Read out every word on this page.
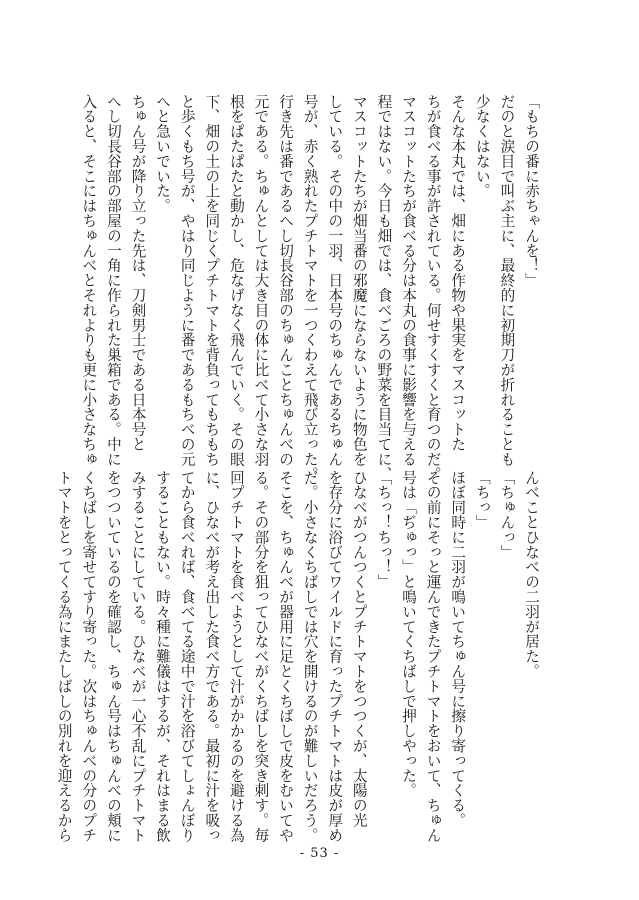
「もちの番に赤ちゃんを！」
だのと涙目で叫ぶ主に、最終的に初期刀が折れることも
少なくはない。
そんな本丸では、畑にある作物や果実をマスコットた
ちが食べる事が許されている。何せすくすくと育つのだ。
マスコットたちが食べる分は本丸の食事に影響を与える
程ではない。今日も畑では、食べごろの野菜を目当てに、
マスコットたちが畑当番の邪魔にならないように物色を
している。その中の一羽、日本号のちゅんであるちゅん
号が、赤く熟れたプチトマトを一つくわえて飛び立った。
行き先は番であるへし切長谷部のちゅんことちゅんべの
元である。ちゅんとしては大き目の体に比べて小さな羽
根をぱたぱたと動かし、危なげなく飛んでいく。その眼
下、畑の土の上を同じくプチトマトを背負ってもちもち
と歩くもち号が、やはり同じように番であるもちべの元
へと急いでいた。
ちゅん号が降り立った先は、刀剣男士である日本号と
へし切長谷部の部屋の一角に作られた巣箱である。中に
入ると、そこにはちゅんべとそれよりも更に小さなちゅ
んべことひなべの二羽が居た。
「ちゅんっ」
「ちっ」
ほぼ同時に二羽が鳴いてちゅん号に擦り寄ってくる。
その前にそっと運んできたプチトマトをおいて、ちゅん
号は「ぢゅっ」と鳴いてくちばしで押しやった。
「ちっ！ちっ！」
ひなべがつんつくとプチトマトをつつくが、太陽の光
を存分に浴びてワイルドに育ったプチトマトは皮が厚め
だ。小さなくちばしでは穴を開けるのが難しいだろう。
そこを、ちゅんべが器用に足とくちばしで皮をむいてや
る。その部分を狙ってひなべがくちばしを突き刺す。毎
回プチトマトを食べようとして汁がかかるのを避ける為
に、ひなべが考え出した食べ方である。最初に汁を吸っ
てから食べれば、食べてる途中で汁を浴びてしょんぼり
することもない。時々種に難儀はするが、それはまる飲
みすることにしている。ひなべが一心不乱にプチトマト
をつついているのを確認し、ちゅん号はちゅんべの頬に
くちばしを寄せてすり寄った。次はちゅんべの分のプチ
トマトをとってくる為にまたしばしの別れを迎えるから
- 53 -
